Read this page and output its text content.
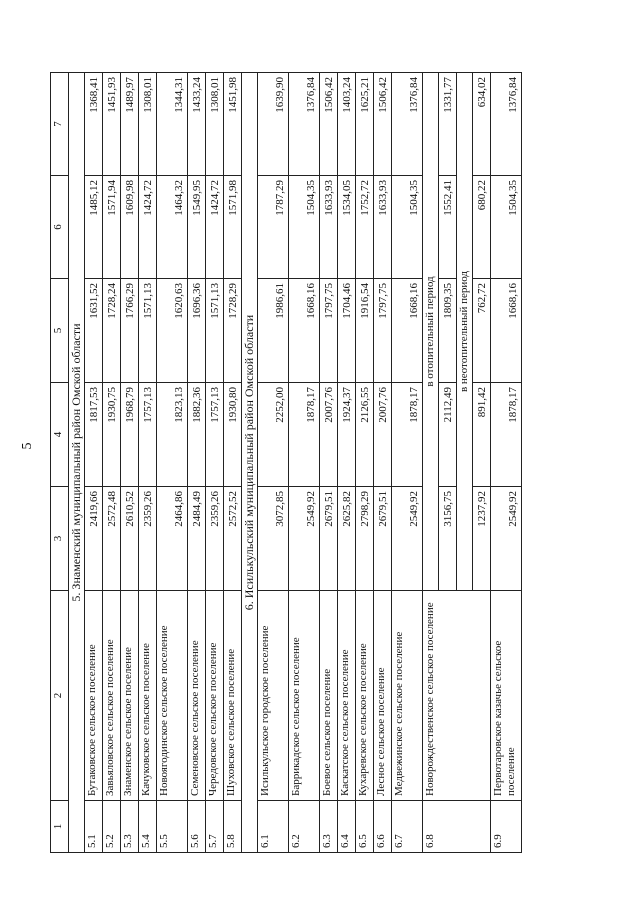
5
1	2	3	4	5	6	7
5. Знаменский муниципальный район Омской области						
5.1	Бутаковское сельское поселение	2419,66	1817,53	1631,52	1485,12	1368,41
5.2	Завьяловское сельское поселение	2572,48	1930,75	1728,24	1571,94	1451,93
5.3	Знаменское сельское поселение	2610,52	1968,79	1766,29	1609,98	1489,97
5.4	Качуковское сельское поселение	2359,26	1757,13	1571,13	1424,72	1308,01
5.5	Новоягодинское сельское поселение	2464,86	1823,13	1620,63	1464,32	1344,31
5.6	Семеновское сельское поселение	2484,49	1882,36	1696,36	1549,95	1433,24
5.7	Чередовское сельское поселение	2359,26	1757,13	1571,13	1424,72	1308,01
5.8	Шуховское сельское поселение	2572,52	1930,80	1728,29	1571,98	1451,98
6. Исилькульский муниципальный район Омской области						
6.1	Исилькульское городское поселение	3072,85	2252,00	1986,61	1787,29	1639,90
6.2	Баррикадское сельское поселение	2549,92	1878,17	1668,16	1504,35	1376,84
6.3	Боевое сельское поселение	2679,51	2007,76	1797,75	1633,93	1506,42
6.4	Каскатское сельское поселение	2625,82	1924,37	1704,46	1534,05	1403,24
6.5	Кухаревское сельское поселение	2798,29	2126,55	1916,54	1752,72	1625,21
6.6	Лесное сельское поселение	2679,51	2007,76	1797,75	1633,93	1506,42
6.7	Медвежинское сельское поселение	2549,92	1878,17	1668,16	1504,35	1376,84
6.8	Новорождественское сельское поселение	в отопительный период				
		3156,75	2112,49	1809,35	1552,41	1331,77
		в неотопительный период				
		1237,92	891,42	762,72	680,22	634,02
6.9	Первотаровское казачье сельское поселение	2549,92	1878,17	1668,16	1504,35	1376,84
